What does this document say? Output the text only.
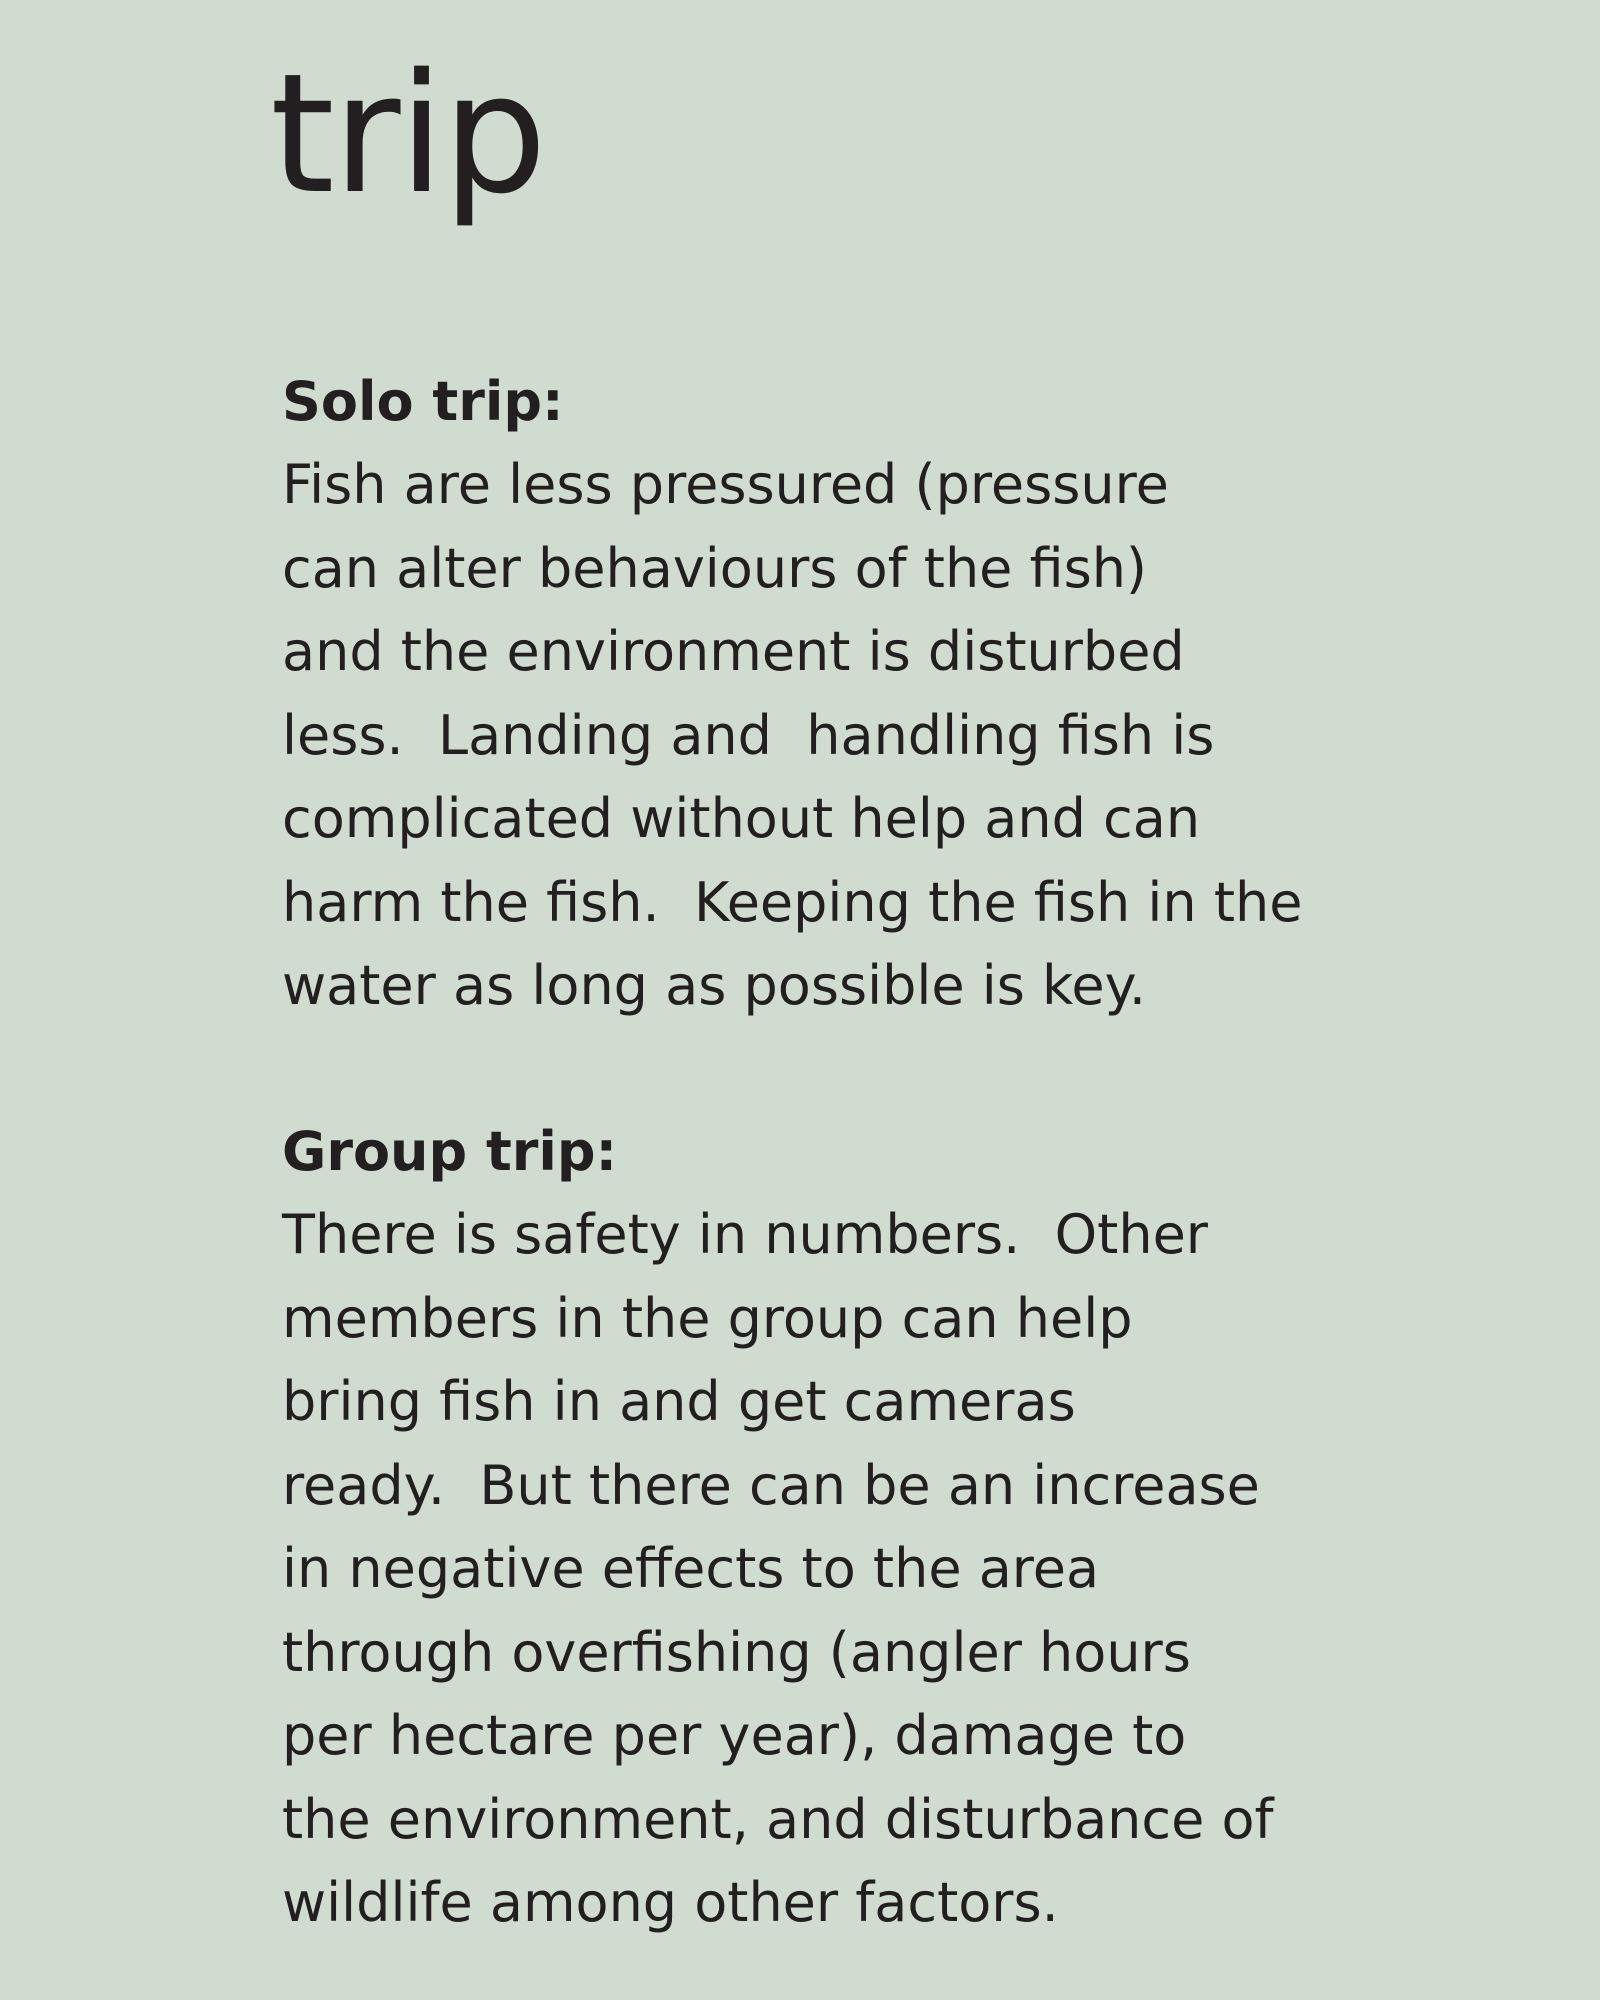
trip

Solo trip:

Fish are less pressured (pressure

can alter behaviours of the fish)

and the environment is disturbed

less.  Landing and  handling fish is

complicated without help and can

harm the fish.  Keeping the fish in the

water as long as possible is key.

Group trip:

There is safety in numbers.  Other

members in the group can help

bring fish in and get cameras

ready.  But there can be an increase

in negative effects to the area

through overfishing (angler hours

per hectare per year), damage to

the environment, and disturbance of

wildlife among other factors.
